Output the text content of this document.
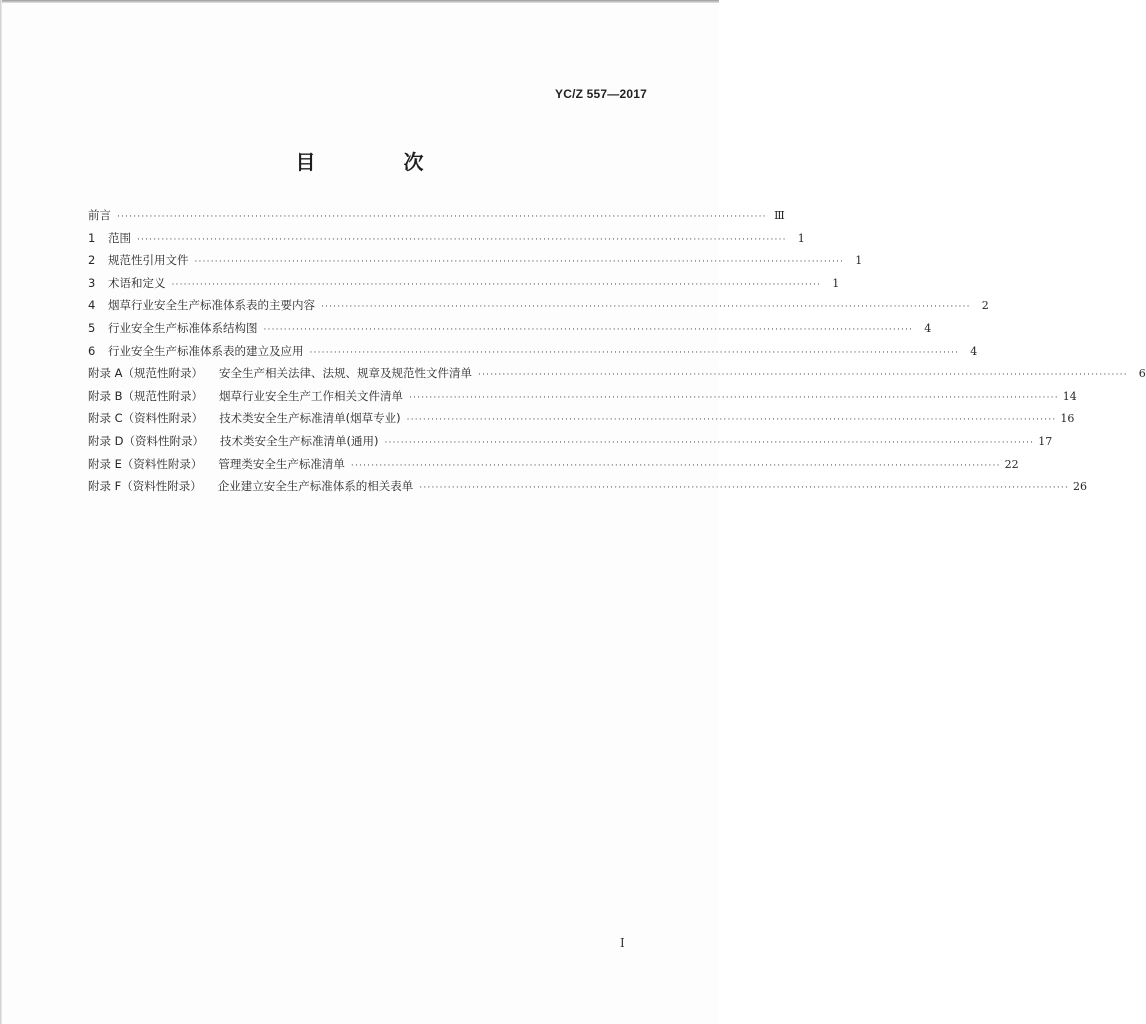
YC/Z 557—2017
目　次
前言 ································································································································································ Ⅲ
1	范围 ································································································································································	1
2	规范性引用文件 ································································································································································	1
3	术语和定义 ································································································································································	1
4	烟草行业安全生产标准体系表的主要内容 ································································································································································	2
5	行业安全生产标准体系结构图 ································································································································································	4
6	行业安全生产标准体系表的建立及应用 ································································································································································	4
附录 A（规范性附录） 安全生产相关法律、法规、规章及规范性文件清单 ································································································································································	6
附录 B（规范性附录） 烟草行业安全生产工作相关文件清单 ································································································································································ 14
附录 C（资料性附录） 技术类安全生产标准清单(烟草专业) ································································································································································ 16
附录 D（资料性附录） 技术类安全生产标准清单(通用) ································································································································································ 17
附录 E（资料性附录） 管理类安全生产标准清单 ································································································································································ 22
附录 F（资料性附录） 企业建立安全生产标准体系的相关表单 ································································································································································ 26
I
